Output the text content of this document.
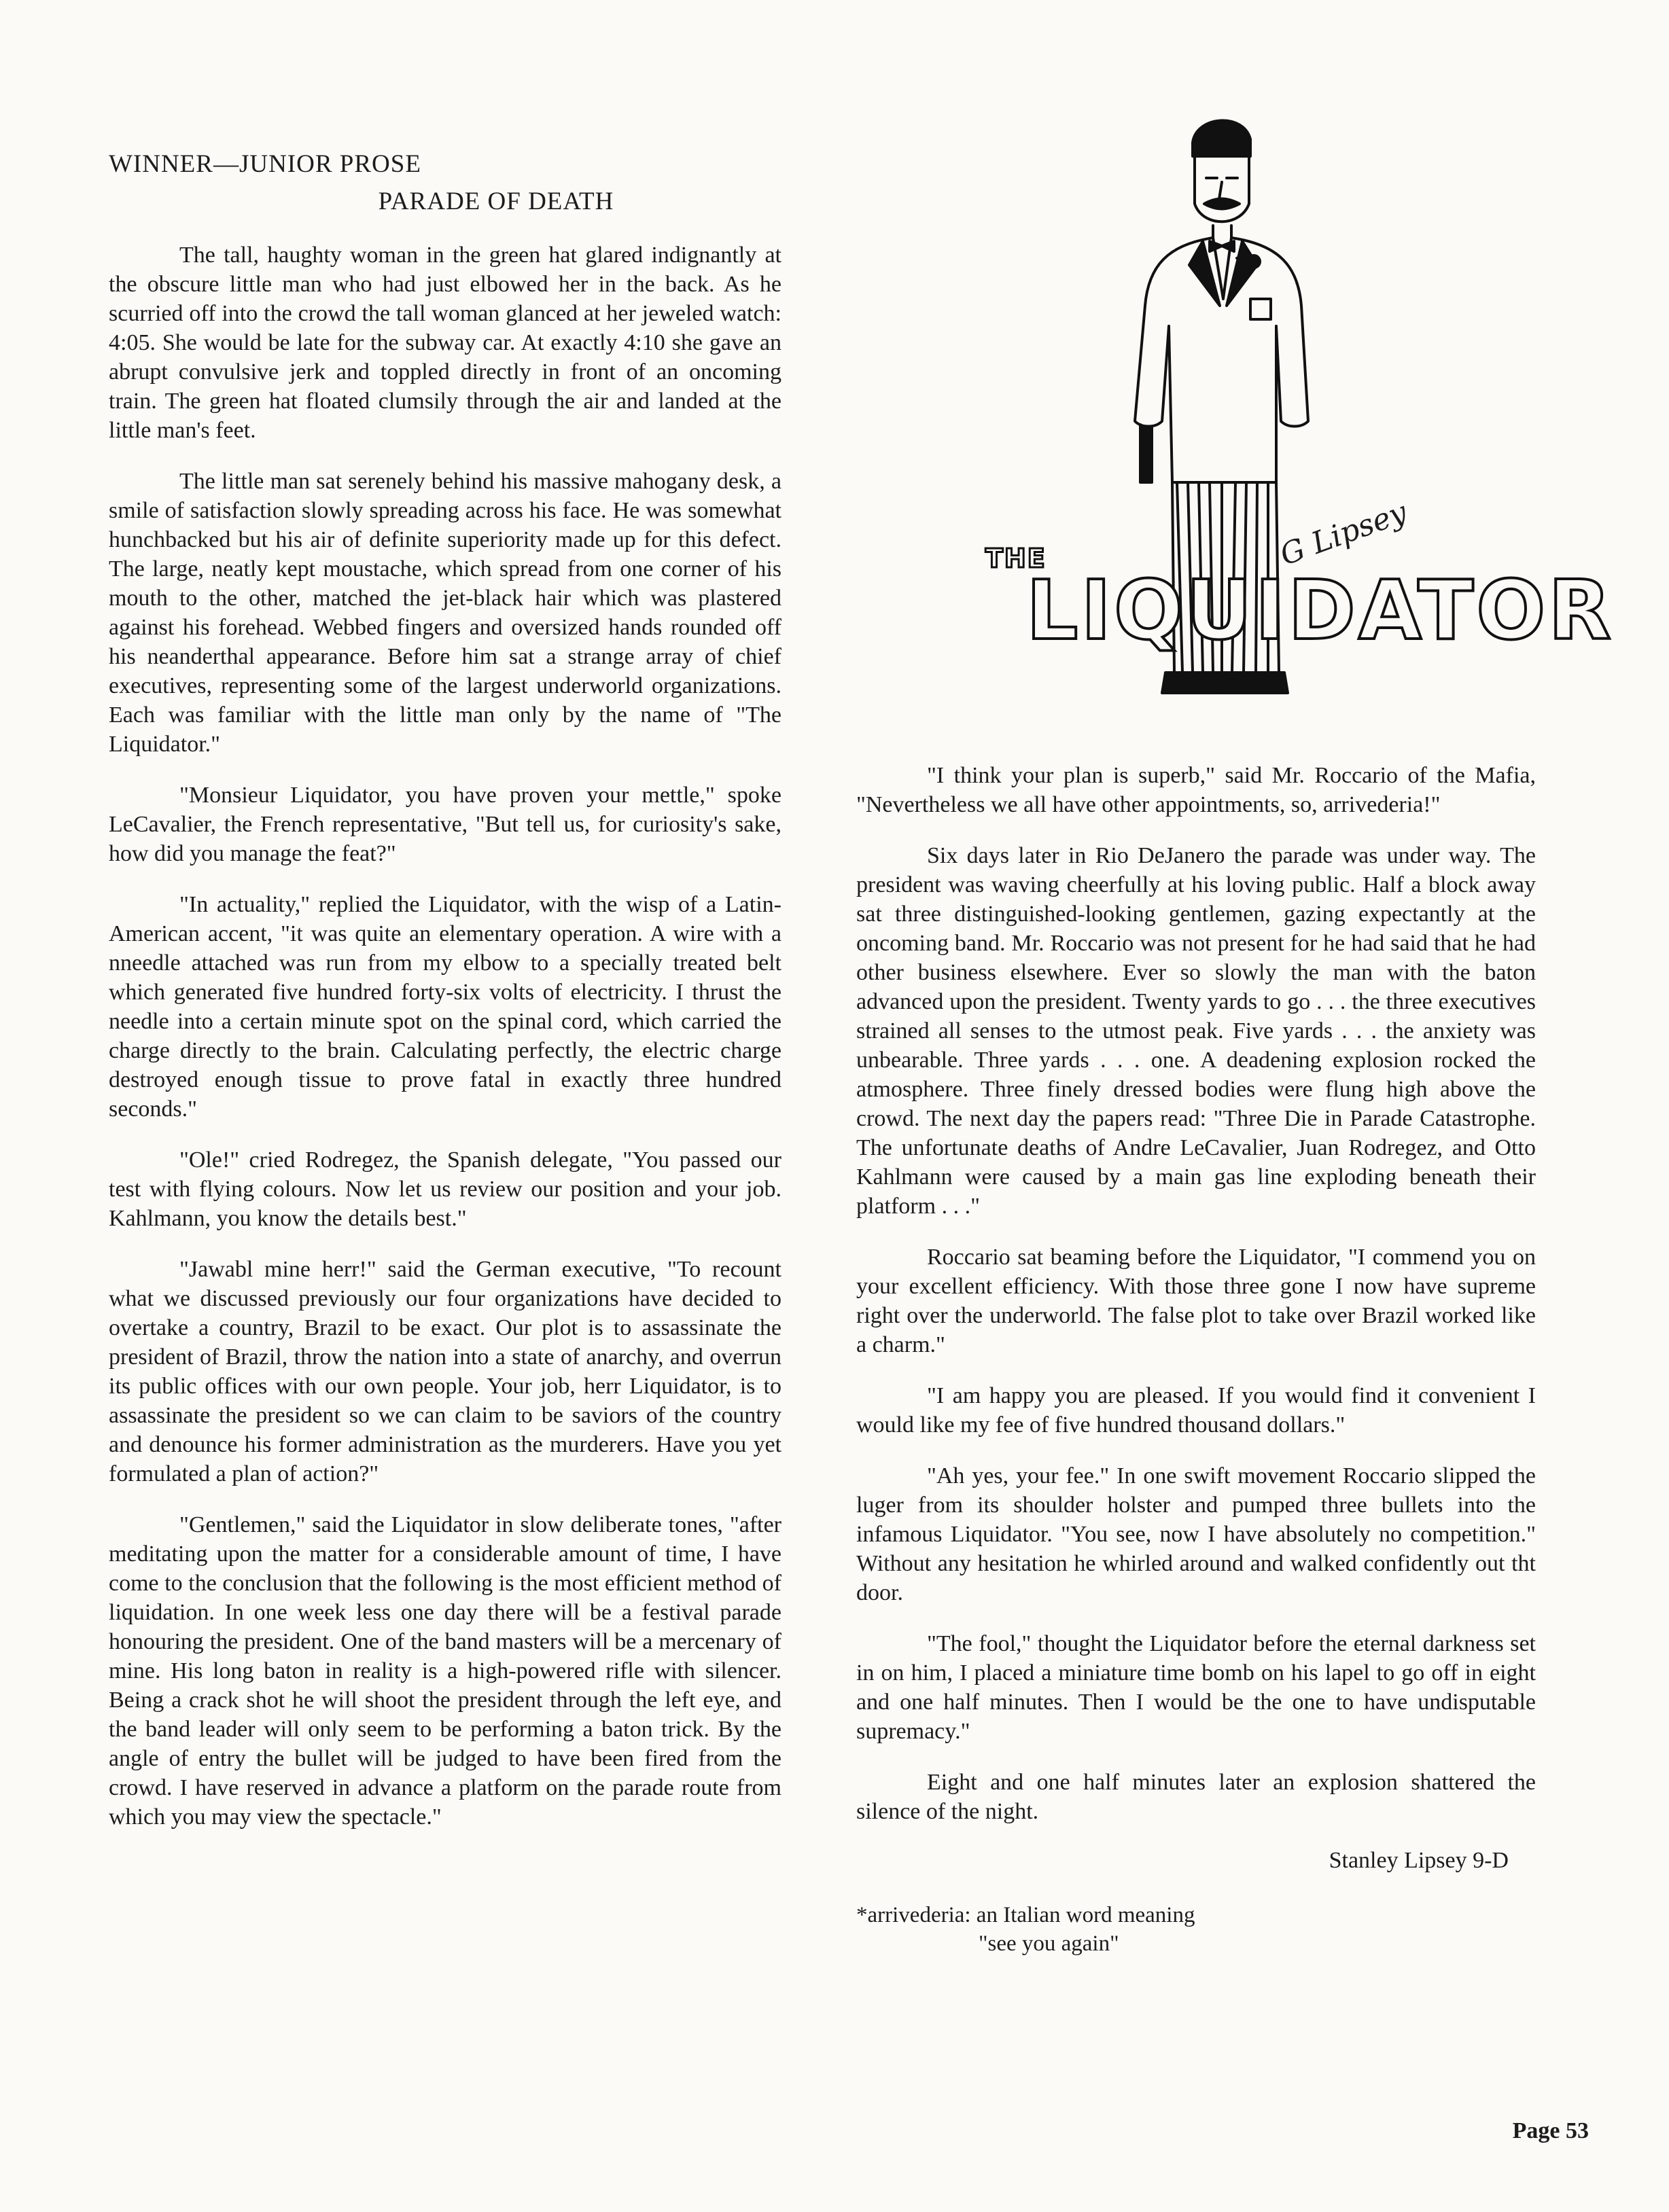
WINNER—JUNIOR PROSE
PARADE OF DEATH

The tall, haughty woman in the green hat glared indignantly at the obscure little man who had just elbowed her in the back. As he scurried off into the crowd the tall woman glanced at her jeweled watch: 4:05. She would be late for the subway car. At exactly 4:10 she gave an abrupt convulsive jerk and toppled directly in front of an oncoming train. The green hat floated clumsily through the air and landed at the little man's feet.

The little man sat serenely behind his massive mahogany desk, a smile of satisfaction slowly spreading across his face. He was somewhat hunchbacked but his air of definite superiority made up for this defect. The large, neatly kept moustache, which spread from one corner of his mouth to the other, matched the jet-black hair which was plastered against his forehead. Webbed fingers and oversized hands rounded off his neanderthal appearance. Before him sat a strange array of chief executives, representing some of the largest underworld organizations. Each was familiar with the little man only by the name of "The Liquidator."

"Monsieur Liquidator, you have proven your mettle," spoke LeCavalier, the French representative, "But tell us, for curiosity's sake, how did you manage the feat?"

"In actuality," replied the Liquidator, with the wisp of a Latin-American accent, "it was quite an elementary operation. A wire with a nneedle attached was run from my elbow to a specially treated belt which generated five hundred forty-six volts of electricity. I thrust the needle into a certain minute spot on the spinal cord, which carried the charge directly to the brain. Calculating perfectly, the electric charge destroyed enough tissue to prove fatal in exactly three hundred seconds."

"Ole!" cried Rodregez, the Spanish delegate, "You passed our test with flying colours. Now let us review our position and your job. Kahlmann, you know the details best."

"Jawabl mine herr!" said the German executive, "To recount what we discussed previously our four organizations have decided to overtake a country, Brazil to be exact. Our plot is to assassinate the president of Brazil, throw the nation into a state of anarchy, and overrun its public offices with our own people. Your job, herr Liquidator, is to assassinate the president so we can claim to be saviors of the country and denounce his former administration as the murderers. Have you yet formulated a plan of action?"

"Gentlemen," said the Liquidator in slow deliberate tones, "after meditating upon the matter for a considerable amount of time, I have come to the conclusion that the following is the most efficient method of liquidation. In one week less one day there will be a festival parade honouring the president. One of the band masters will be a mercenary of mine. His long baton in reality is a high-powered rifle with silencer. Being a crack shot he will shoot the president through the left eye, and the band leader will only seem to be performing a baton trick. By the angle of entry the bullet will be judged to have been fired from the crowd. I have reserved in advance a platform on the parade route from which you may view the spectacle."

THE
LIQUIDATOR
G Lipsey

"I think your plan is superb," said Mr. Roccario of the Mafia, "Nevertheless we all have other appointments, so, arrivederia!"

Six days later in Rio DeJanero the parade was under way. The president was waving cheerfully at his loving public. Half a block away sat three distinguished-looking gentlemen, gazing expectantly at the oncoming band. Mr. Roccario was not present for he had said that he had other business elsewhere. Ever so slowly the man with the baton advanced upon the president. Twenty yards to go . . . the three executives strained all senses to the utmost peak. Five yards . . . the anxiety was unbearable. Three yards . . . one. A deadening explosion rocked the atmosphere. Three finely dressed bodies were flung high above the crowd. The next day the papers read: "Three Die in Parade Catastrophe. The unfortunate deaths of Andre LeCavalier, Juan Rodregez, and Otto Kahlmann were caused by a main gas line exploding beneath their platform . . ."

Roccario sat beaming before the Liquidator, "I commend you on your excellent efficiency. With those three gone I now have supreme right over the underworld. The false plot to take over Brazil worked like a charm."

"I am happy you are pleased. If you would find it convenient I would like my fee of five hundred thousand dollars."

"Ah yes, your fee." In one swift movement Roccario slipped the luger from its shoulder holster and pumped three bullets into the infamous Liquidator. "You see, now I have absolutely no competition." Without any hesitation he whirled around and walked confidently out tht door.

"The fool," thought the Liquidator before the eternal darkness set in on him, I placed a miniature time bomb on his lapel to go off in eight and one half minutes. Then I would be the one to have undisputable supremacy."

Eight and one half minutes later an explosion shattered the silence of the night.

Stanley Lipsey 9-D
*arrivederia: an Italian word meaning
"see you again"
Page 53
